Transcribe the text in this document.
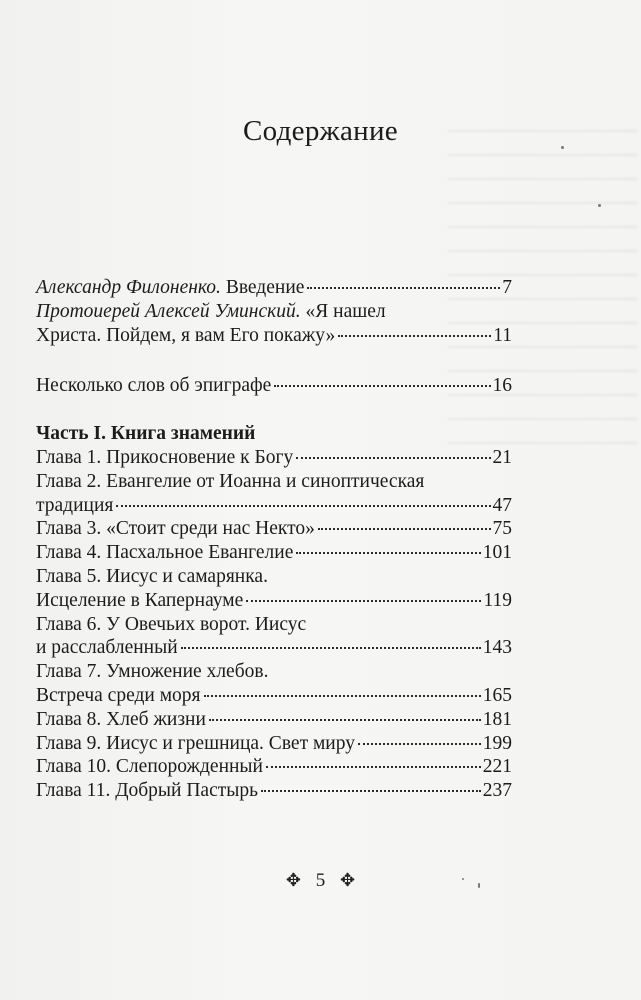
Содержание
Александр Филоненко. Введение	7
Протоиерей Алексей Уминский. «Я нашел
Христа. Пойдем, я вам Его покажу»	11
Несколько слов об эпиграфе	16
Часть I. Книга знамений
Глава 1. Прикосновение к Богу	21
Глава 2. Евангелие от Иоанна и синоптическая
традиция	47
Глава 3. «Стоит среди нас Некто»	75
Глава 4. Пасхальное Евангелие	101
Глава 5. Иисус и самарянка.
Исцеление в Капернауме	119
Глава 6. У Овечьих ворот. Иисус
и расслабленный	143
Глава 7. Умножение хлебов.
Встреча среди моря	165
Глава 8. Хлеб жизни	181
Глава 9. Иисус и грешница. Свет миру	199
Глава 10. Слепорожденный	221
Глава 11. Добрый Пастырь	237
✥ 5 ✥
